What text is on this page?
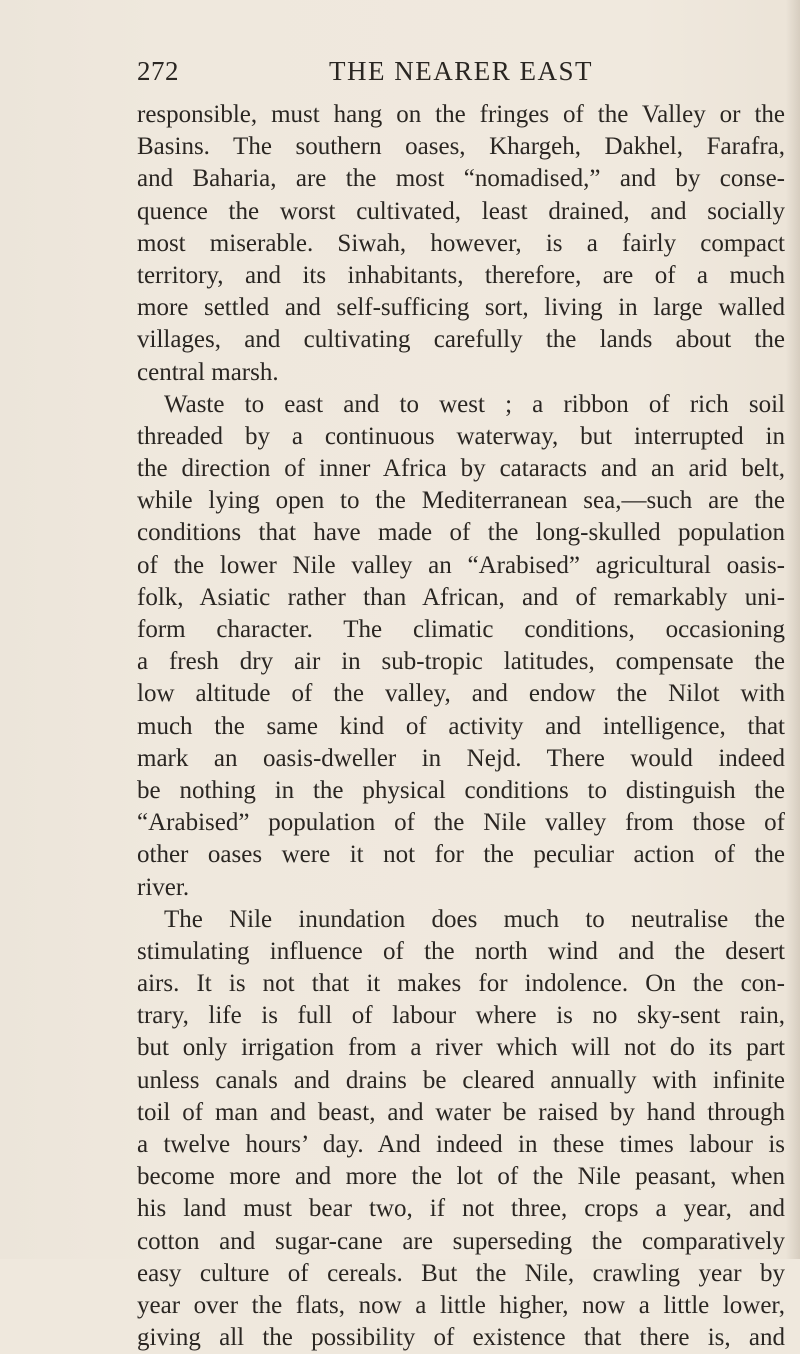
272	THE NEARER EAST
responsible, must hang on the fringes of the Valley or the
Basins. The southern oases, Khargeh, Dakhel, Farafra,
and Baharia, are the most “nomadised,” and by conse-
quence the worst cultivated, least drained, and socially
most miserable. Siwah, however, is a fairly compact
territory, and its inhabitants, therefore, are of a much
more settled and self-sufficing sort, living in large walled
villages, and cultivating carefully the lands about the
central marsh.
Waste to east and to west ; a ribbon of rich soil
threaded by a continuous waterway, but interrupted in
the direction of inner Africa by cataracts and an arid belt,
while lying open to the Mediterranean sea,—such are the
conditions that have made of the long-skulled population
of the lower Nile valley an “Arabised” agricultural oasis-
folk, Asiatic rather than African, and of remarkably uni-
form character. The climatic conditions, occasioning
a fresh dry air in sub-tropic latitudes, compensate the
low altitude of the valley, and endow the Nilot with
much the same kind of activity and intelligence, that
mark an oasis-dweller in Nejd. There would indeed
be nothing in the physical conditions to distinguish the
“Arabised” population of the Nile valley from those of
other oases were it not for the peculiar action of the
river.
The Nile inundation does much to neutralise the
stimulating influence of the north wind and the desert
airs. It is not that it makes for indolence. On the con-
trary, life is full of labour where is no sky-sent rain,
but only irrigation from a river which will not do its part
unless canals and drains be cleared annually with infinite
toil of man and beast, and water be raised by hand through
a twelve hours’ day. And indeed in these times labour is
become more and more the lot of the Nile peasant, when
his land must bear two, if not three, crops a year, and
cotton and sugar-cane are superseding the comparatively
easy culture of cereals. But the Nile, crawling year by
year over the flats, now a little higher, now a little lower,
giving all the possibility of existence that there is, and
